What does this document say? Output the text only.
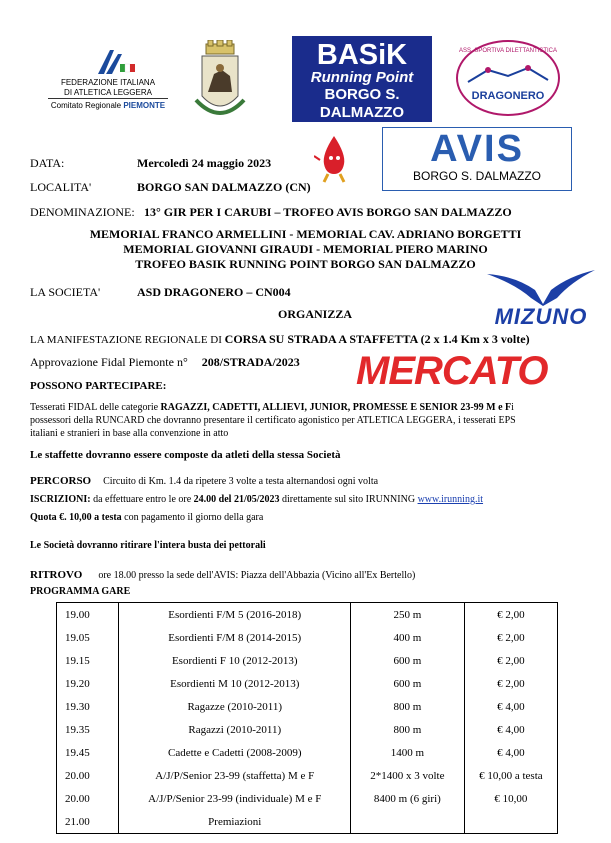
FEDERAZIONE ITALIANA
DI ATLETICA LEGGERA
Comitato Regionale PIEMONTE
BASiK
Running Point
BORGO S. DALMAZZO
ASS. SPORTIVA DILETTANTISTICA
DRAGONERO
AVIS
BORGO S. DALMAZZO
DATA:	Mercoledì 24 maggio 2023
LOCALITA'	BORGO SAN DALMAZZO (CN)
DENOMINAZIONE: 13° GIR PER I CARUBI – TROFEO AVIS BORGO SAN DALMAZZO
MEMORIAL FRANCO ARMELLINI - MEMORIAL CAV. ADRIANO BORGETTI
MEMORIAL GIOVANNI GIRAUDI - MEMORIAL PIERO MARINO
TROFEO BASIK RUNNING POINT BORGO SAN DALMAZZO
LA SOCIETA'	ASD DRAGONERO – CN004
MIZUNO
ORGANIZZA
LA MANIFESTAZIONE REGIONALE DI CORSA SU STRADA A STAFFETTA (2 x 1.4 Km x 3 volte)
Approvazione Fidal Piemonte n° 208/STRADA/2023 MERCATO
POSSONO PARTECIPARE:
Tesserati FIDAL delle categorie RAGAZZI, CADETTI, ALLIEVI, JUNIOR, PROMESSE E SENIOR 23-99 M e Fi
possessori della RUNCARD che dovranno presentare il certificato agonistico per ATLETICA LEGGERA, i tesserati EPS
italiani e stranieri in base alla convenzione in atto
Le staffette dovranno essere composte da atleti della stessa Società
PERCORSO Circuito di Km. 1.4 da ripetere 3 volte a testa alternandosi ogni volta
ISCRIZIONI: da effettuare entro le ore 24.00 del 21/05/2023 direttamente sul sito IRUNNING www.irunning.it
Quota €. 10,00 a testa con pagamento il giorno della gara
Le Società dovranno ritirare l'intera busta dei pettorali
RITROVO ore 18.00 presso la sede dell'AVIS: Piazza dell'Abbazia (Vicino all'Ex Bertello)
PROGRAMMA GARE
19.00	Esordienti F/M 5 (2016-2018)	250 m	€ 2,00
19.05	Esordienti F/M 8 (2014-2015)	400 m	€ 2,00
19.15	Esordienti F 10 (2012-2013)	600 m	€ 2,00
19.20	Esordienti M 10 (2012-2013)	600 m	€ 2,00
19.30	Ragazze (2010-2011)	800 m	€ 4,00
19.35	Ragazzi (2010-2011)	800 m	€ 4,00
19.45	Cadette e Cadetti (2008-2009)	1400 m	€ 4,00
20.00	A/J/P/Senior 23-99 (staffetta) M e F	2*1400 x 3 volte	€ 10,00 a testa
20.00	A/J/P/Senior 23-99 (individuale) M e F	8400 m (6 giri)	€ 10,00
21.00	Premiazioni		
